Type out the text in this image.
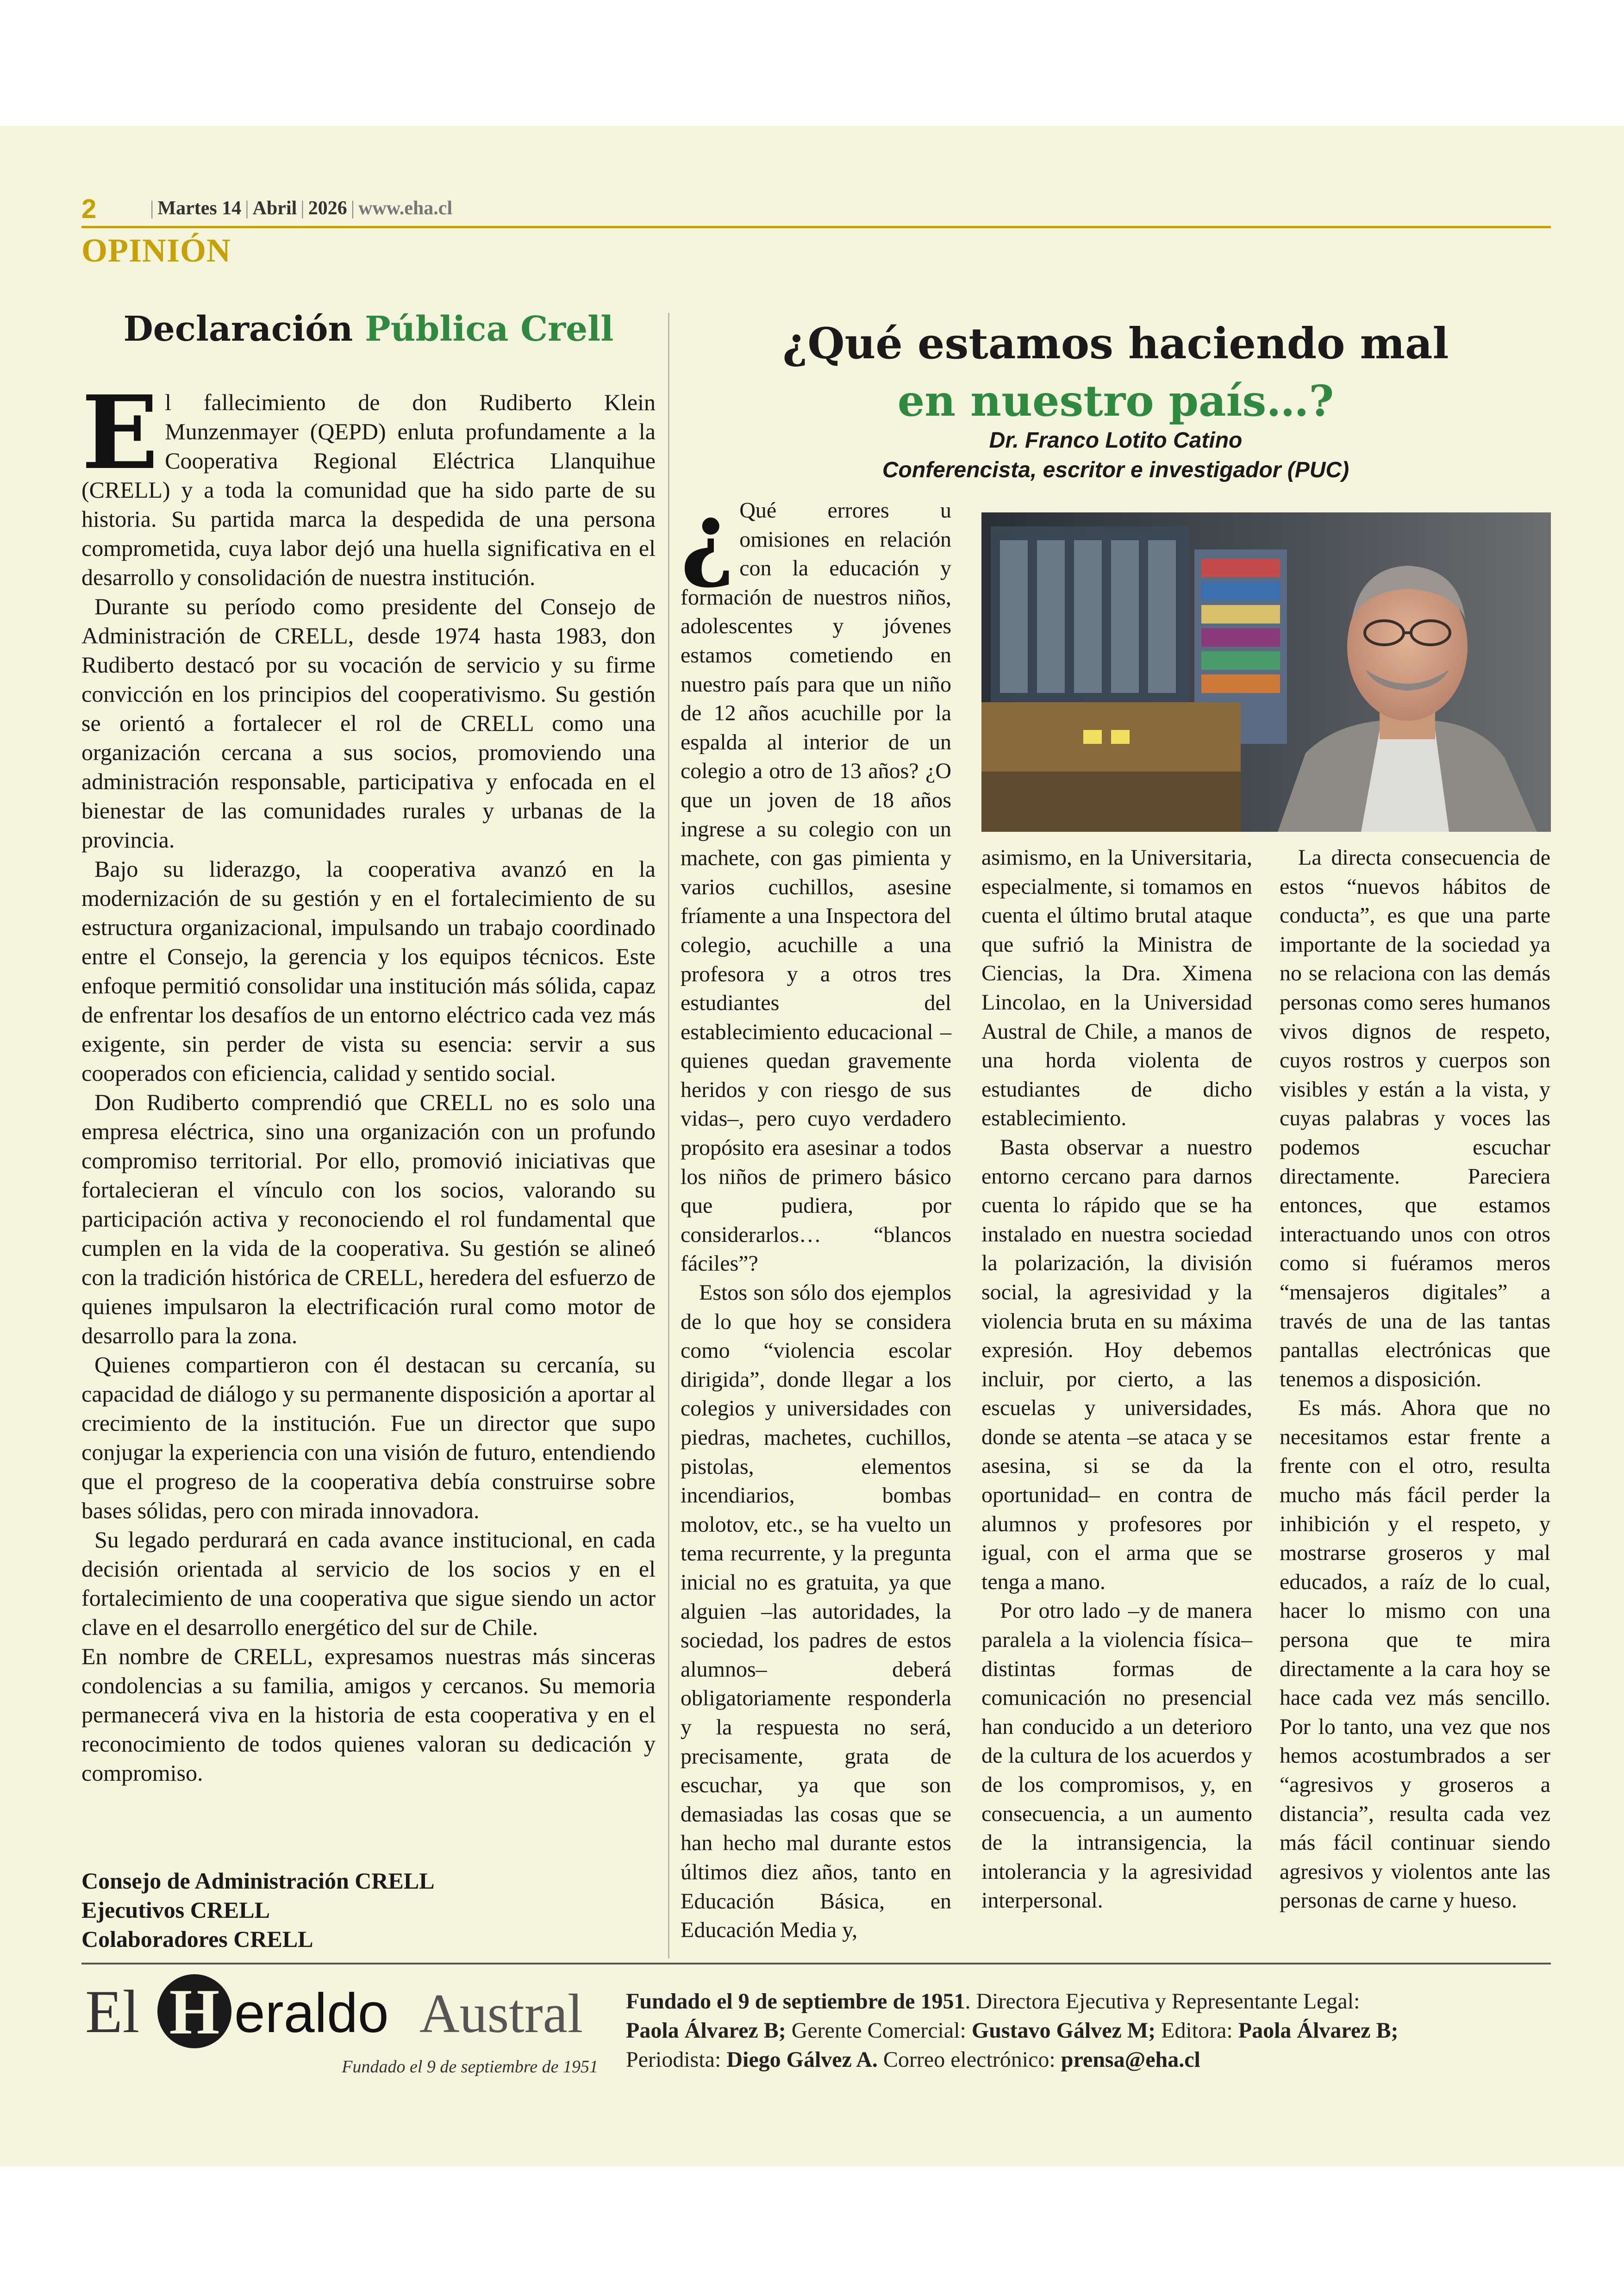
2	| Martes 14 | Abril | 2026 | www.eha.cl
OPINIÓN
Declaración Pública Crell

El fallecimiento de don Rudiberto Klein Munzenmayer (QEPD) enluta profundamente a la Cooperativa Regional Eléctrica Llanquihue (CRELL) y a toda la comunidad que ha sido parte de su historia. Su partida marca la despedida de una persona comprometida, cuya labor dejó una huella significativa en el desarrollo y consolidación de nuestra institución.

Durante su período como presidente del Consejo de Administración de CRELL, desde 1974 hasta 1983, don Rudiberto destacó por su vocación de servicio y su firme convicción en los principios del cooperativismo. Su gestión se orientó a fortalecer el rol de CRELL como una organización cercana a sus socios, promoviendo una administración responsable, participativa y enfocada en el bienestar de las comunidades rurales y urbanas de la provincia.

Bajo su liderazgo, la cooperativa avanzó en la modernización de su gestión y en el fortalecimiento de su estructura organizacional, impulsando un trabajo coordinado entre el Consejo, la gerencia y los equipos técnicos. Este enfoque permitió consolidar una institución más sólida, capaz de enfrentar los desafíos de un entorno eléctrico cada vez más exigente, sin perder de vista su esencia: servir a sus cooperados con eficiencia, calidad y sentido social.

Don Rudiberto comprendió que CRELL no es solo una empresa eléctrica, sino una organización con un profundo compromiso territorial. Por ello, promovió iniciativas que fortalecieran el vínculo con los socios, valorando su participación activa y reconociendo el rol fundamental que cumplen en la vida de la cooperativa. Su gestión se alineó con la tradición histórica de CRELL, heredera del esfuerzo de quienes impulsaron la electrificación rural como motor de desarrollo para la zona.

Quienes compartieron con él destacan su cercanía, su capacidad de diálogo y su permanente disposición a aportar al crecimiento de la institución. Fue un director que supo conjugar la experiencia con una visión de futuro, entendiendo que el progreso de la cooperativa debía construirse sobre bases sólidas, pero con mirada innovadora.

Su legado perdurará en cada avance institucional, en cada decisión orientada al servicio de los socios y en el fortalecimiento de una cooperativa que sigue siendo un actor clave en el desarrollo energético del sur de Chile.

En nombre de CRELL, expresamos nuestras más sinceras condolencias a su familia, amigos y cercanos. Su memoria permanecerá viva en la historia de esta cooperativa y en el reconocimiento de todos quienes valoran su dedicación y compromiso.

Consejo de Administración CRELL
Ejecutivos CRELL
Colaboradores CRELL
¿Qué estamos haciendo mal
en nuestro país…?
Dr. Franco Lotito Catino
Conferencista, escritor e investigador (PUC)

¿ Qué errores u omisiones en relación con la educación y formación de nuestros niños, adolescentes y jóvenes estamos cometiendo en nuestro país para que un niño de 12 años acuchille por la espalda al interior de un colegio a otro de 13 años? ¿O que un joven de 18 años ingrese a su colegio con un machete, con gas pimienta y varios cuchillos, asesine fríamente a una Inspectora del colegio, acuchille a una profesora y a otros tres estudiantes del establecimiento educacional –quienes quedan gravemente heridos y con riesgo de sus vidas–, pero cuyo verdadero propósito era asesinar a todos los niños de primero básico que pudiera, por considerarlos… “blancos fáciles”?

Estos son sólo dos ejemplos de lo que hoy se considera como “violencia escolar dirigida”, donde llegar a los colegios y universidades con piedras, machetes, cuchillos, pistolas, elementos incendiarios, bombas molotov, etc., se ha vuelto un tema recurrente, y la pregunta inicial no es gratuita, ya que alguien –las autoridades, la sociedad, los padres de estos alumnos– deberá obligatoriamente responderla y la respuesta no será, precisamente, grata de escuchar, ya que son demasiadas las cosas que se han hecho mal durante estos últimos diez años, tanto en Educación Básica, en Educación Media y,

asimismo, en la Universitaria, especialmente, si tomamos en cuenta el último brutal ataque que sufrió la Ministra de Ciencias, la Dra. Ximena Lincolao, en la Universidad Austral de Chile, a manos de una horda violenta de estudiantes de dicho establecimiento.

Basta observar a nuestro entorno cercano para darnos cuenta lo rápido que se ha instalado en nuestra sociedad la polarización, la división social, la agresividad y la violencia bruta en su máxima expresión. Hoy debemos incluir, por cierto, a las escuelas y universidades, donde se atenta –se ataca y se asesina, si se da la oportunidad– en contra de alumnos y profesores por igual, con el arma que se tenga a mano.

Por otro lado –y de manera paralela a la violencia física– distintas formas de comunicación no presencial han conducido a un deterioro de la cultura de los acuerdos y de los compromisos, y, en consecuencia, a un aumento de la intransigencia, la intolerancia y la agresividad interpersonal.

La directa consecuencia de estos “nuevos hábitos de conducta”, es que una parte importante de la sociedad ya no se relaciona con las demás personas como seres humanos vivos dignos de respeto, cuyos rostros y cuerpos son visibles y están a la vista, y cuyas palabras y voces las podemos escuchar directamente. Pareciera entonces, que estamos interactuando unos con otros como si fuéramos meros “mensajeros digitales” a través de una de las tantas pantallas electrónicas que tenemos a disposición.

Es más. Ahora que no necesitamos estar frente a frente con el otro, resulta mucho más fácil perder la inhibición y el respeto, y mostrarse groseros y mal educados, a raíz de lo cual, hacer lo mismo con una persona que te mira directamente a la cara hoy se hace cada vez más sencillo. Por lo tanto, una vez que nos hemos acostumbrados a ser “agresivos y groseros a distancia”, resulta cada vez más fácil continuar siendo agresivos y violentos ante las personas de carne y hueso.

El H eraldo Austral
Fundado el 9 de septiembre de 1951
Fundado el 9 de septiembre de 1951. Directora Ejecutiva y Representante Legal:
Paola Álvarez B; Gerente Comercial: Gustavo Gálvez M; Editora: Paola Álvarez B;
Periodista: Diego Gálvez A. Correo electrónico: prensa@eha.cl
